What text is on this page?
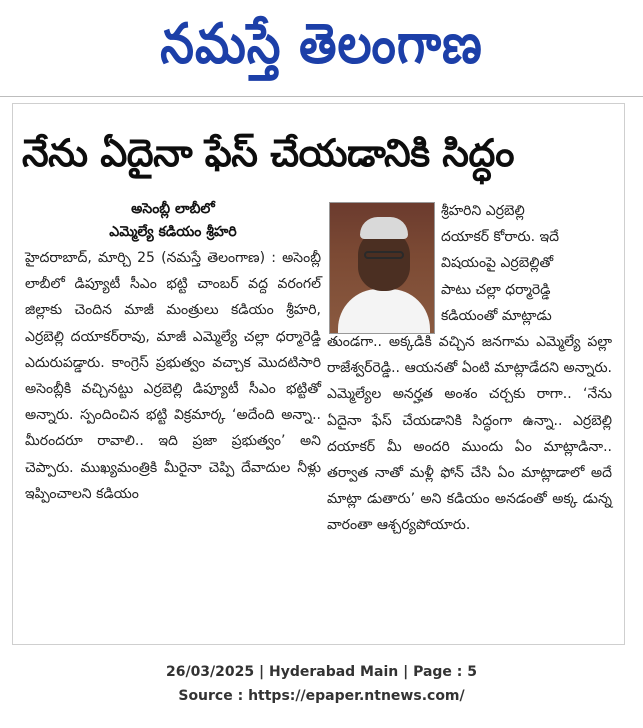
నమస్తే తెలంగాణ
నేను ఏదైనా ఫేస్ చేయడానికి సిద్ధం
అసెంబ్లీ లాబీలో
ఎమ్మెల్యే కడియం శ్రీహరి
హైదరాబాద్, మార్చి 25 (నమస్తే తెలంగాణ) : అసెంబ్లీ లాబీలో డిప్యూటీ సీఎం భట్టి చాంబర్ వద్ద వరంగల్ జిల్లాకు చెందిన మాజీ మంత్రులు కడియం శ్రీహరి, ఎర్రబెల్లి దయాకర్‌రావు, మాజీ ఎమ్మెల్యే చల్లా ధర్మారెడ్డి ఎదురుపడ్డారు. కాంగ్రెస్ ప్రభుత్వం వచ్చాక మొదటిసారి అసెంబ్లీకి వచ్చినట్టు ఎర్రబెల్లి డిప్యూటీ సీఎం భట్టితో అన్నారు. స్పందించిన భట్టి విక్రమార్క ‘అదేంది అన్నా.. మీరందరూ రావాలి.. ఇది ప్రజా ప్రభుత్వం’ అని చెప్పారు. ముఖ్యమంత్రికి మీరైనా చెప్పి దేవాదుల నీళ్లు ఇప్పించాలని కడియం
శ్రీహరిని ఎర్రబెల్లి
దయాకర్ కోరారు. ఇదే
విషయంపై ఎర్రబెల్లితో
పాటు చల్లా ధర్మారెడ్డి
కడియంతో మాట్లాడు
తుండగా.. అక్కడికి వచ్చిన జనగామ ఎమ్మెల్యే పల్లా రాజేశ్వర్‌రెడ్డి.. ఆయనతో ఏంటి మాట్లాడేదని అన్నారు. ఎమ్మెల్యేల అనర్హత అంశం చర్చకు రాగా.. ‘నేను ఏదైనా ఫేస్ చేయడానికి సిద్ధంగా ఉన్నా.. ఎర్రబెల్లి దయాకర్ మీ అందరి ముందు ఏం మాట్లాడినా.. తర్వాత నాతో మళ్లీ ఫోన్ చేసి ఏం మాట్లాడాలో అదే మాట్లా డుతారు’ అని కడియం అనడంతో అక్క డున్న వారంతా ఆశ్చర్యపోయారు.
26/03/2025 | Hyderabad Main | Page : 5
Source : https://epaper.ntnews.com/
